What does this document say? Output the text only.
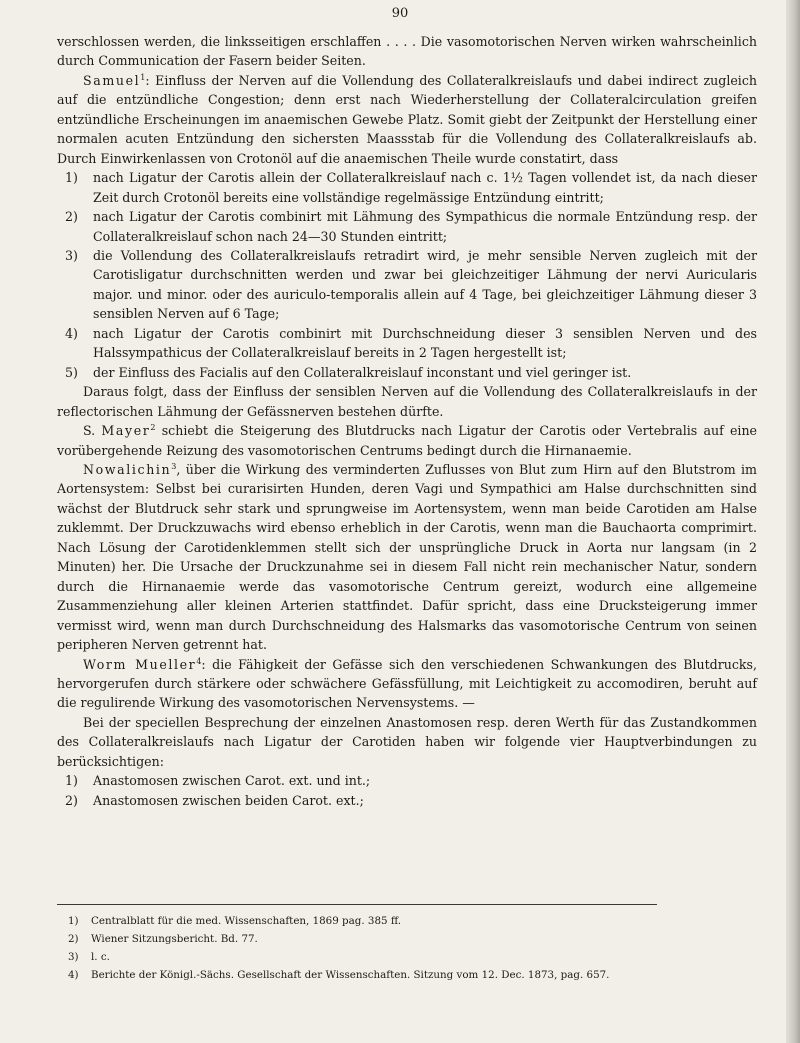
90

verschlossen werden, die linksseitigen erschlaffen . . . . Die vasomotorischen Nerven wirken wahrscheinlich durch Communication der Fasern beider Seiten.

Samuel$^1$: Einfluss der Nerven auf die Vollendung des Collateralkreislaufs und dabei indirect zugleich auf die entzündliche Congestion; denn erst nach Wiederherstellung der Collateralcirculation greifen entzündliche Erscheinungen im anaemischen Gewebe Platz. Somit giebt der Zeitpunkt der Herstellung einer normalen acuten Entzündung den sichersten Maassstab für die Vollendung des Collateralkreislaufs ab. Durch Einwirkenlassen von Crotonöl auf die anaemischen Theile wurde constatirt, dass

1) nach Ligatur der Carotis allein der Collateralkreislauf nach c. 1½ Tagen vollendet ist, da nach dieser Zeit durch Crotonöl bereits eine vollständige regelmässige Entzündung eintritt;

2) nach Ligatur der Carotis combinirt mit Lähmung des Sympathicus die normale Entzündung resp. der Collateralkreislauf schon nach 24—30 Stunden eintritt;

3) die Vollendung des Collateralkreislaufs retradirt wird, je mehr sensible Nerven zugleich mit der Carotisligatur durchschnitten werden und zwar bei gleichzeitiger Lähmung der nervi Auricularis major. und minor. oder des auriculo-temporalis allein auf 4 Tage, bei gleichzeitiger Lähmung dieser 3 sensiblen Nerven auf 6 Tage;

4) nach Ligatur der Carotis combinirt mit Durchschneidung dieser 3 sensiblen Nerven und des Halssympathicus der Collateralkreislauf bereits in 2 Tagen hergestellt ist;

5) der Einfluss des Facialis auf den Collateralkreislauf inconstant und viel geringer ist.

Daraus folgt, dass der Einfluss der sensiblen Nerven auf die Vollendung des Collateralkreislaufs in der reflectorischen Lähmung der Gefässnerven bestehen dürfte.

S. Mayer$^2$ schiebt die Steigerung des Blutdrucks nach Ligatur der Carotis oder Vertebralis auf eine vorübergehende Reizung des vasomotorischen Centrums bedingt durch die Hirnanaemie.

Nowalichin$^3$, über die Wirkung des verminderten Zuflusses von Blut zum Hirn auf den Blutstrom im Aortensystem: Selbst bei curarisirten Hunden, deren Vagi und Sympathici am Halse durchschnitten sind wächst der Blutdruck sehr stark und sprungweise im Aortensystem, wenn man beide Carotiden am Halse zuklemmt. Der Druckzuwachs wird ebenso erheblich in der Carotis, wenn man die Bauchaorta comprimirt. Nach Lösung der Carotidenklemmen stellt sich der unsprüngliche Druck in Aorta nur langsam (in 2 Minuten) her. Die Ursache der Druckzunahme sei in diesem Fall nicht rein mechanischer Natur, sondern durch die Hirnanaemie werde das vasomotorische Centrum gereizt, wodurch eine allgemeine Zusammenziehung aller kleinen Arterien stattfindet. Dafür spricht, dass eine Drucksteigerung immer vermisst wird, wenn man durch Durchschneidung des Halsmarks das vasomotorische Centrum von seinen peripheren Nerven getrennt hat.

Worm Mueller$^4$: die Fähigkeit der Gefässe sich den verschiedenen Schwankungen des Blutdrucks, hervorgerufen durch stärkere oder schwächere Gefässfüllung, mit Leichtigkeit zu accomodiren, beruht auf die regulirende Wirkung des vasomotorischen Nervensystems. —

Bei der speciellen Besprechung der einzelnen Anastomosen resp. deren Werth für das Zustandkommen des Collateralkreislaufs nach Ligatur der Carotiden haben wir folgende vier Hauptverbindungen zu berücksichtigen:

1) Anastomosen zwischen Carot. ext. und int.;

2) Anastomosen zwischen beiden Carot. ext.;

1) Centralblatt für die med. Wissenschaften, 1869 pag. 385 ff.
2) Wiener Sitzungsbericht. Bd. 77.
3) l. c.
4) Berichte der Königl.-Sächs. Gesellschaft der Wissenschaften. Sitzung vom 12. Dec. 1873, pag. 657.
